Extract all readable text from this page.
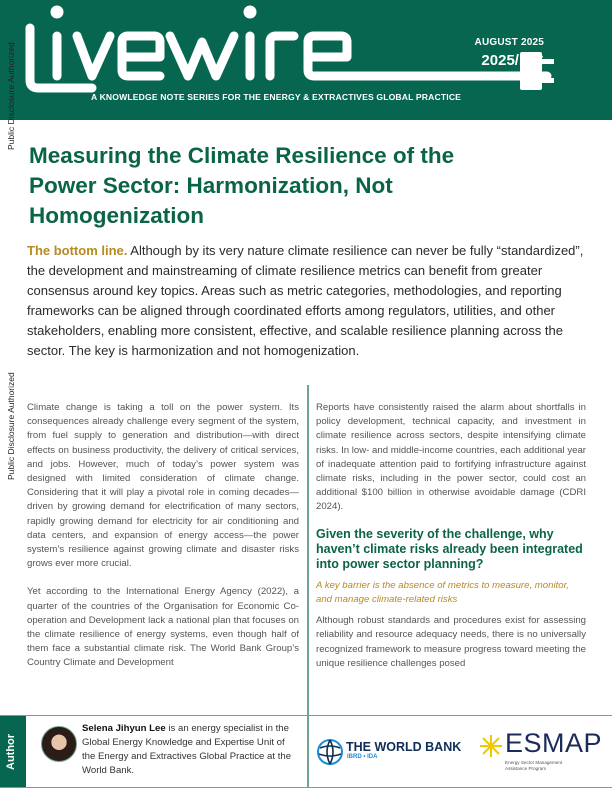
AUGUST 2025
2025/146
A KNOWLEDGE NOTE SERIES FOR THE ENERGY & EXTRACTIVES GLOBAL PRACTICE
Public Disclosure Authorized
Public Disclosure Authorized
Measuring the Climate Resilience of the Power Sector: Harmonization, Not Homogenization

The bottom line. Although by its very nature climate resilience can never be fully “standardized”, the development and mainstreaming of climate resilience metrics can benefit from greater consensus around key topics. Areas such as metric categories, methodologies, and reporting frameworks can be aligned through coordinated efforts among regulators, utilities, and other stakeholders, enabling more consistent, effective, and scalable resilience planning across the sector. The key is harmonization and not homogenization.

Climate change is taking a toll on the power system. Its consequences already challenge every segment of the system, from fuel supply to generation and distribution—with direct effects on business productivity, the delivery of critical services, and jobs. However, much of today’s power system was designed with limited consideration of climate change. Considering that it will play a pivotal role in coming decades—driven by growing demand for electrification of many sectors, rapidly growing demand for electricity for air conditioning and data centers, and expansion of energy access—the power system’s resilience against growing climate and disaster risks grows ever more crucial.

Yet according to the International Energy Agency (2022), a quarter of the countries of the Organisation for Economic Co-operation and Development lack a national plan that focuses on the climate resilience of energy systems, even though half of them face a substantial climate risk. The World Bank Group’s Country Climate and Development

Reports have consistently raised the alarm about shortfalls in policy development, technical capacity, and investment in climate resilience across sectors, despite intensifying climate risks. In low- and middle-income countries, each additional year of inadequate attention paid to fortifying infrastructure against climate risks, including in the power sector, could cost an additional $100 billion in otherwise avoidable damage (CDRI 2024).

Given the severity of the challenge, why haven’t climate risks already been integrated into power sector planning?
A key barrier is the absence of metrics to measure, monitor, and manage climate-related risks

Although robust standards and procedures exist for assessing reliability and resource adequacy needs, there is no universally recognized framework to measure progress toward meeting the unique resilience challenges posed

Author
Selena Jihyun Lee is an energy specialist in the Global Energy Knowledge and Expertise Unit of the Energy and Extractives Global Practice at the World Bank.
THE WORLD BANK
IBRD • IDA	ESMAP
Energy Sector Management Assistance Program
